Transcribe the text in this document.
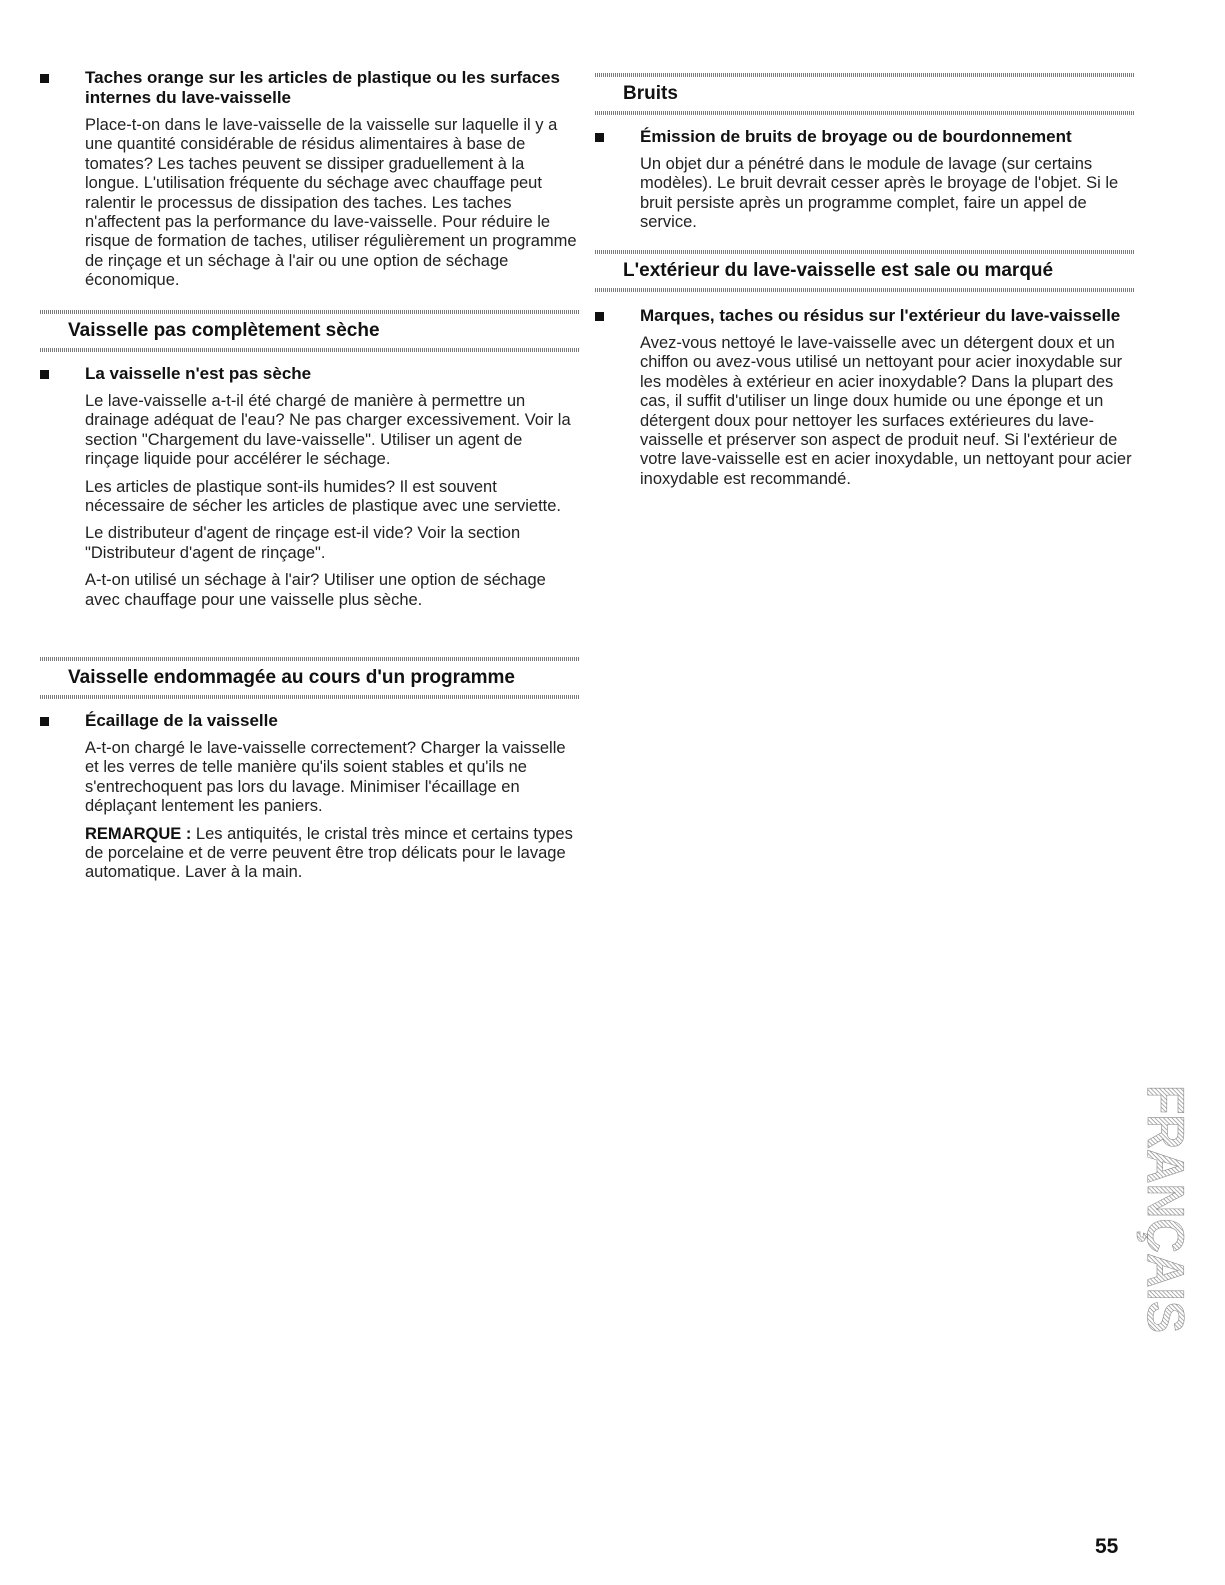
Taches orange sur les articles de plastique ou les surfaces internes du lave-vaisselle

Place-t-on dans le lave-vaisselle de la vaisselle sur laquelle il y a une quantité considérable de résidus alimentaires à base de tomates? Les taches peuvent se dissiper graduellement à la longue. L'utilisation fréquente du séchage avec chauffage peut ralentir le processus de dissipation des taches. Les taches n'affectent pas la performance du lave-vaisselle. Pour réduire le risque de formation de taches, utiliser régulièrement un programme de rinçage et un séchage à l'air ou une option de séchage économique.

Vaisselle pas complètement sèche

La vaisselle n'est pas sèche

Le lave-vaisselle a-t-il été chargé de manière à permettre un drainage adéquat de l'eau? Ne pas charger excessivement. Voir la section "Chargement du lave-vaisselle". Utiliser un agent de rinçage liquide pour accélérer le séchage.

Les articles de plastique sont-ils humides? Il est souvent nécessaire de sécher les articles de plastique avec une serviette.

Le distributeur d'agent de rinçage est-il vide? Voir la section "Distributeur d'agent de rinçage".

A-t-on utilisé un séchage à l'air? Utiliser une option de séchage avec chauffage pour une vaisselle plus sèche.

Vaisselle endommagée au cours d'un programme

Écaillage de la vaisselle

A-t-on chargé le lave-vaisselle correctement? Charger la vaisselle et les verres de telle manière qu'ils soient stables et qu'ils ne s'entrechoquent pas lors du lavage. Minimiser l'écaillage en déplaçant lentement les paniers.

REMARQUE : Les antiquités, le cristal très mince et certains types de porcelaine et de verre peuvent être trop délicats pour le lavage automatique. Laver à la main.

Bruits

Émission de bruits de broyage ou de bourdonnement

Un objet dur a pénétré dans le module de lavage (sur certains modèles). Le bruit devrait cesser après le broyage de l'objet. Si le bruit persiste après un programme complet, faire un appel de service.

L'extérieur du lave-vaisselle est sale ou marqué

Marques, taches ou résidus sur l'extérieur du lave-vaisselle

Avez-vous nettoyé le lave-vaisselle avec un détergent doux et un chiffon ou avez-vous utilisé un nettoyant pour acier inoxydable sur les modèles à extérieur en acier inoxydable? Dans la plupart des cas, il suffit d'utiliser un linge doux humide ou une éponge et un détergent doux pour nettoyer les surfaces extérieures du lave-vaisselle et préserver son aspect de produit neuf. Si l'extérieur de votre lave-vaisselle est en acier inoxydable, un nettoyant pour acier inoxydable est recommandé.

FRANÇAIS
55
